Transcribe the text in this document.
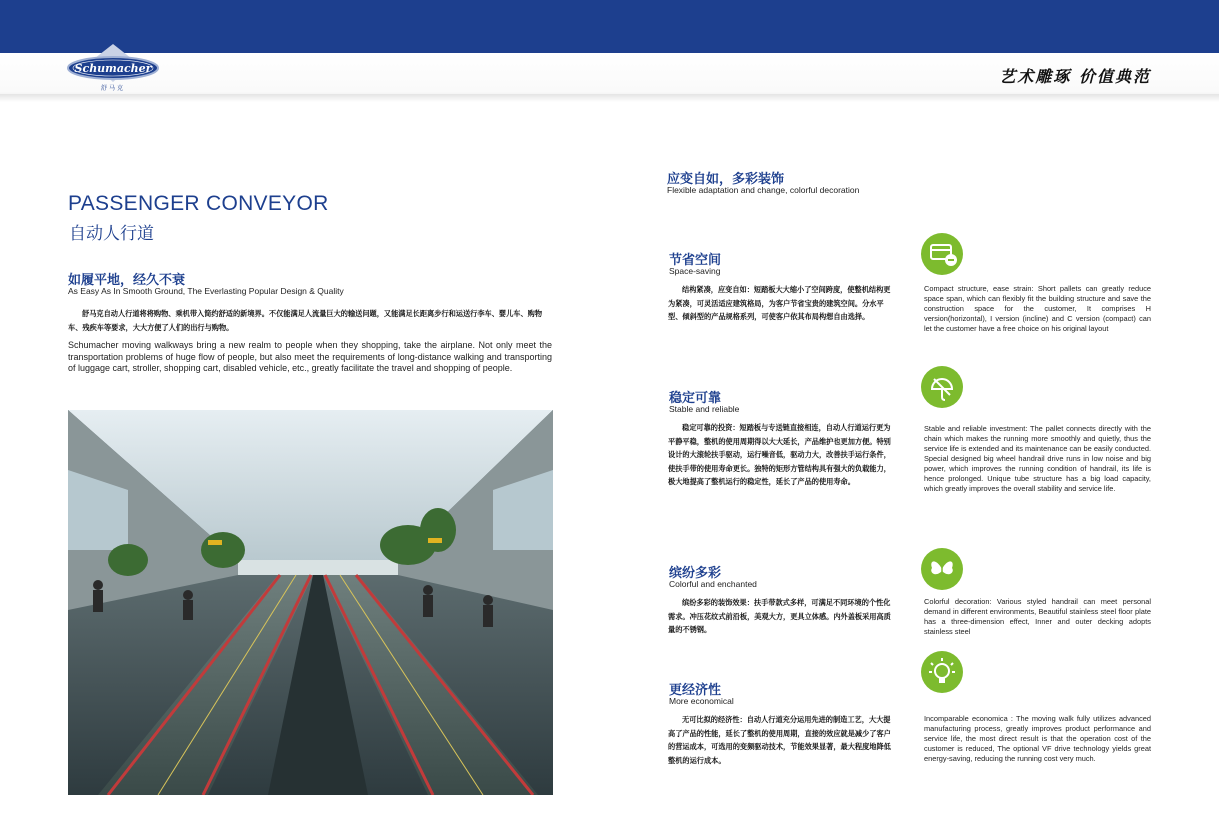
Schumacher
舒马克
艺术雕琢 价值典范
PASSENGER CONVEYOR
自动人行道
如履平地，经久不衰
As Easy As In Smooth Ground, The Everlasting Popular Design & Quality
舒马克自动人行道将将购物、乘机带入简约舒适的新境界。不仅能满足人流量巨大的输送问题，又能满足长距离步行和运送行李车、婴儿车、购物车、残疾车等要求，大大方便了人们的出行与购物。
Schumacher moving walkways bring a new realm to people when they shopping, take the airplane. Not only meet the transportation problems of huge flow of people, but also meet the requirements of long-distance walking and transporting of luggage cart, stroller, shopping cart, disabled vehicle, etc., greatly facilitate the travel and shopping of people.
应变自如，多彩装饰
Flexible adaptation and change, colorful decoration
节省空间
Space-saving
结构紧凑，应变自如：短踏板大大缩小了空间跨度，使整机结构更为紧凑，可灵活适应建筑格局，为客户节省宝贵的建筑空间。分水平型、倾斜型的产品规格系列，可使客户依其布局构想自由选择。
Compact structure, ease strain: Short pallets can greatly reduce space span, which can flexibly fit the building structure and save the construction space for the customer, It comprises H version(horizontal), I version (incline) and C version (compact) can let the customer have a free choice on his original layout
稳定可靠
Stable and reliable
稳定可靠的投资：短踏板与专送链直接相连，自动人行道运行更为平静平稳，整机的使用周期得以大大延长，产品维护也更加方便。特别设计的大滚轮扶手驱动，运行噪音低，驱动力大，改善扶手运行条件，使扶手带的使用寿命更长。独特的矩形方管结构具有强大的负载能力，极大地提高了整机运行的稳定性，延长了产品的使用寿命。
Stable and reliable investment: The pallet connects directly with the chain which makes the running more smoothly and quietly, thus the service life is extended and its maintenance can be easily conducted. Special designed big wheel handrail drive runs in low noise and big power, which improves the running condition of handrail, its life is hence prolonged. Unique tube structure has a big load capacity, which greatly improves the overall stability and service life.
缤纷多彩
Colorful and enchanted
缤纷多彩的装饰效果：扶手带款式多样，可满足不同环境的个性化需求。冲压花纹式前沿板，美观大方，更具立体感。内外盖板采用高质量的不锈钢。
Colorful decoration: Various styled handrail can meet personal demand in different environments, Beautiful stainless steel floor plate has a three-dimension effect, Inner and outer decking adopts stainless steel
更经济性
More economical
无可比拟的经济性：自动人行道充分运用先进的制造工艺，大大提高了产品的性能，延长了整机的使用周期，直接的效应就是减少了客户的营运成本，可选用的变频驱动技术，节能效果显著，最大程度地降低整机的运行成本。
Incomparable economica : The moving walk fully utilizes advanced manufacturing process, greatly improves product performance and service life, the most direct result is that the operation cost of the customer is reduced, The optional VF drive technology yields great energy-saving, reducing the running cost very much.
